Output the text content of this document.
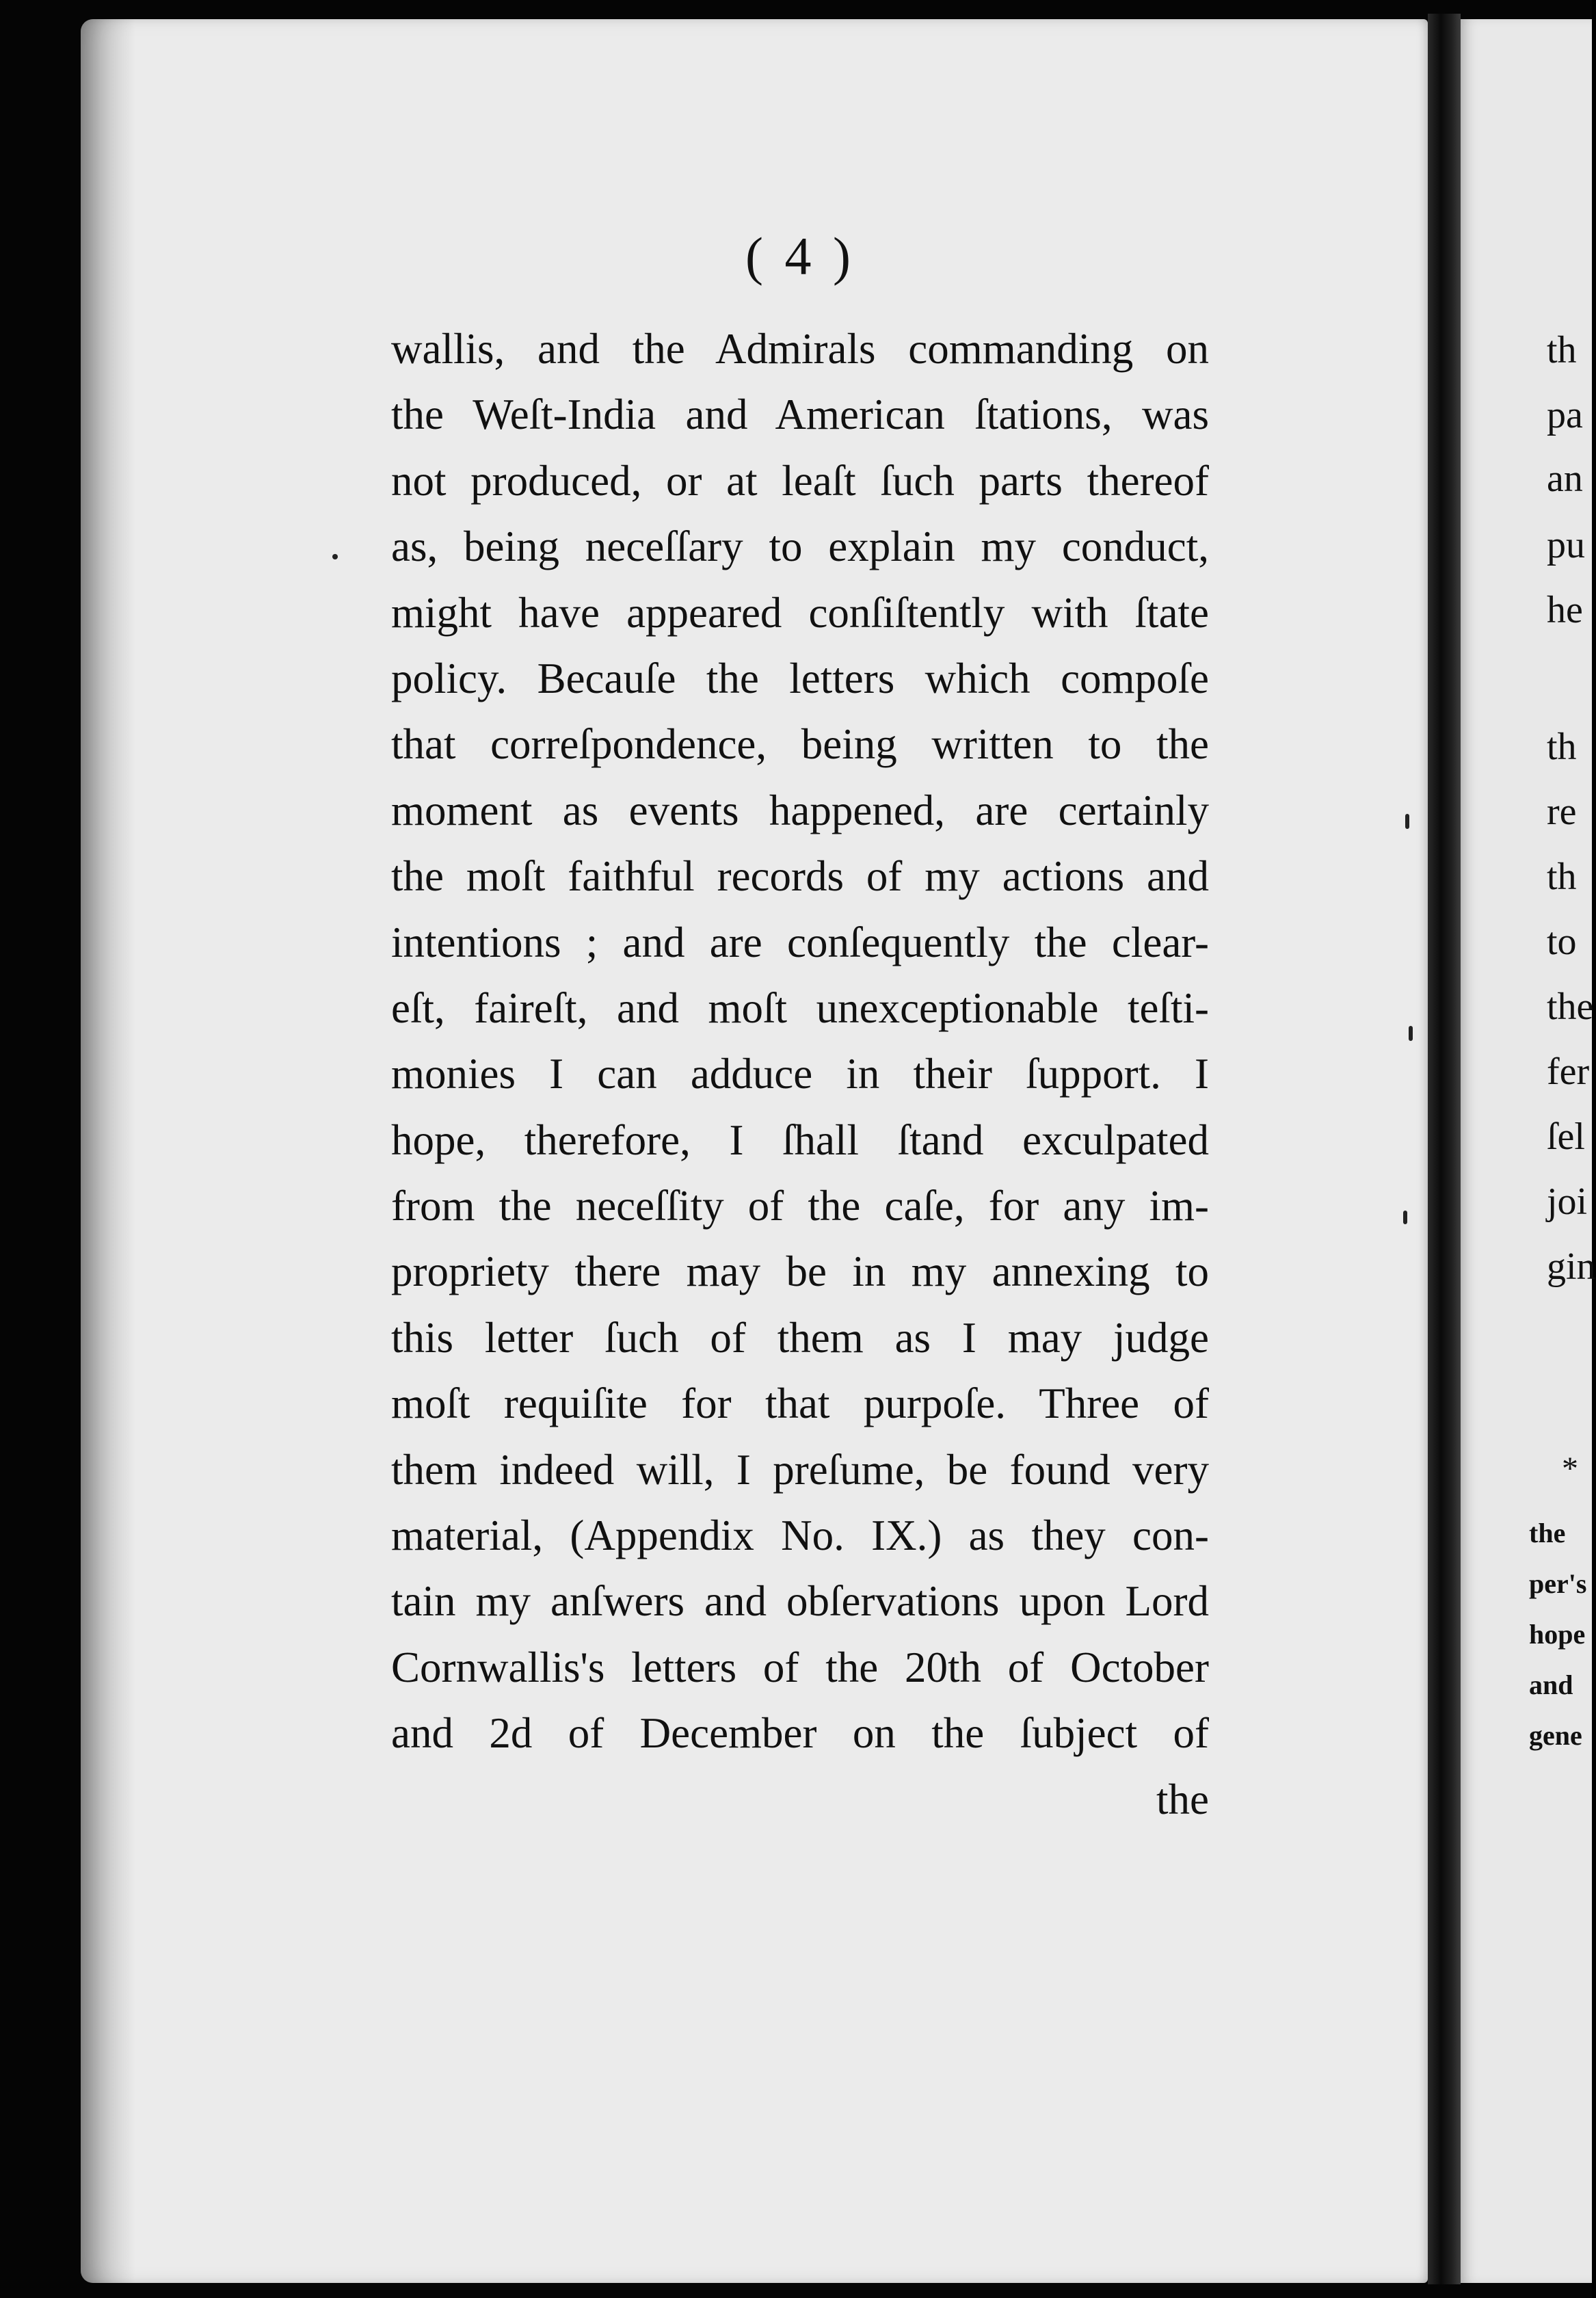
( 4 )
wallis, and the Admirals commanding on
the Weſt-India and American ſtations, was
not produced, or at leaſt ſuch parts thereof
as, being neceſſary to explain my conduct,
might have appeared conſiſtently with ſtate
policy. Becauſe the letters which compoſe
that correſpondence, being written to the
moment as events happened, are certainly
the moſt faithful records of my actions and
intentions ; and are conſequently the clear-
eſt, faireſt, and moſt unexceptionable teſti-
monies I can adduce in their ſupport. I
hope, therefore, I ſhall ſtand exculpated
from the neceſſity of the caſe, for any im-
propriety there may be in my annexing to
this letter ſuch of them as I may judge
moſt requiſite for that purpoſe. Three of
them indeed will, I preſume, be found very
material, (Appendix No. IX.) as they con-
tain my anſwers and obſervations upon Lord
Cornwallis's letters of the 20th of October
and 2d of December on the ſubject of
the
th
pa
an
pu
he
th
re
th
to
the
fer
ſel
joi
gin
the
per's
hope
and
gene
*
